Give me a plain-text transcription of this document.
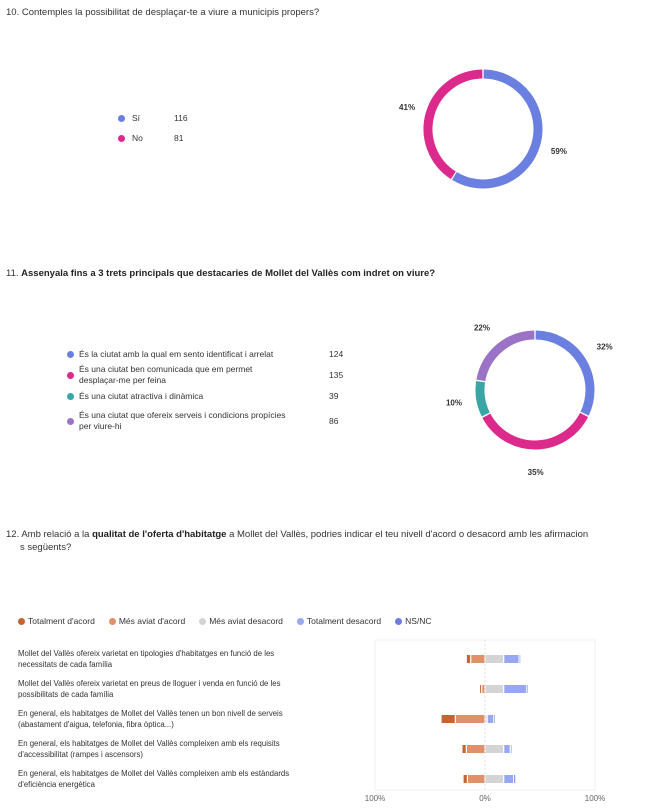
10. Contemples la possibilitat de desplaçar-te a viure a municipis propers?
Sí	116
No	81
59%
41%
11. Assenyala fins a 3 trets principals que destacaries de Mollet del Vallès com indret on viure?
És la ciutat amb la qual em sento identificat i arrelat	124
És una ciutat ben comunicada que em permet desplaçar-me per feina	135
És una ciutat atractiva i dinàmica	39
És una ciutat que ofereix serveis i condicions propícies per viure-hi	86
32%
35%
10%
22%
12. Amb relació a la qualitat de l'oferta d'habitatge a Mollet del Vallès, podries indicar el teu nivell d'acord o desacord amb les afirmacion
s següents?
Totalment d'acord	Més aviat d'acord	Més aviat desacord	Totalment desacord	NS/NC
Mollet del Vallès ofereix varietat en tipologies d'habitatges en funció de les necessitats de cada família
Mollet del Vallès ofereix varietat en preus de lloguer i venda en funció de les possibilitats de cada família
En general, els habitatges de Mollet del Vallès tenen un bon nivell de serveis (abastament d'aigua, telefonia, fibra òptica...)
En general, els habitatges de Mollet del Vallès compleixen amb els requisits d'accessibilitat (rampes i ascensors)
En general, els habitatges de Mollet del Vallès compleixen amb els estàndards d'eficiència energètica
100%	0%	100%
